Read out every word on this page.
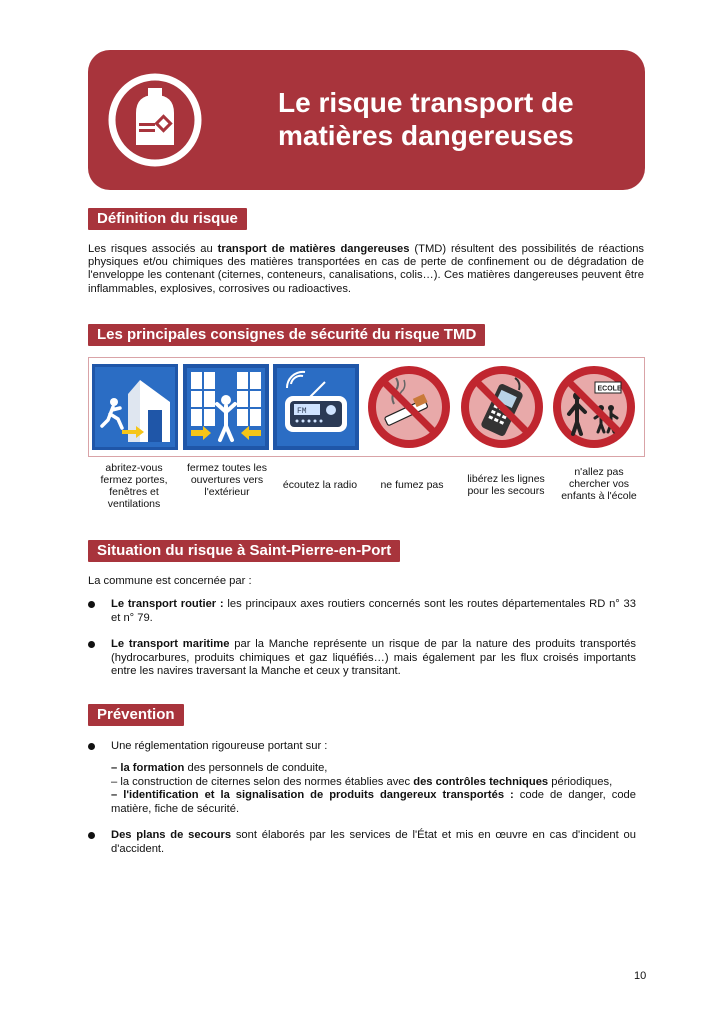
Le risque transport de
matières dangereuses
Définition du risque
Les risques associés au transport de matières dangereuses (TMD) résultent des possibilités de réactions physiques et/ou chimiques des matières transportées en cas de perte de confinement ou de dégradation de l'enveloppe les contenant (citernes, conteneurs, canalisations, colis…). Ces matières dangereuses peuvent être inflammables, explosives, corrosives ou radioactives.
Les principales consignes de sécurité du risque TMD
FM
ECOLE
abritez-vous fermez portes, fenêtres et ventilations
fermez toutes les ouvertures vers l'extérieur
écoutez la radio	ne fumez pas	libérez les lignes pour les secours
n'allez pas chercher vos enfants à l'école
Situation du risque à Saint-Pierre-en-Port
La commune est concernée par :
Le transport routier : les principaux axes routiers concernés sont les routes départementales RD n° 33 et n° 79.
Le transport maritime par la Manche représente un risque de par la nature des produits transportés (hydrocarbures, produits chimiques et gaz liquéfiés…) mais également par les flux croisés importants entre les navires traversant la Manche et ceux y transitant.
Prévention
Une réglementation rigoureuse portant sur :
– la formation des personnels de conduite,
– la construction de citernes selon des normes établies avec des contrôles techniques périodiques,
– l'identification et la signalisation de produits dangereux transportés : code de danger, code matière, fiche de sécurité.
Des plans de secours sont élaborés par les services de l'État et mis en œuvre en cas d'incident ou d'accident.
10
